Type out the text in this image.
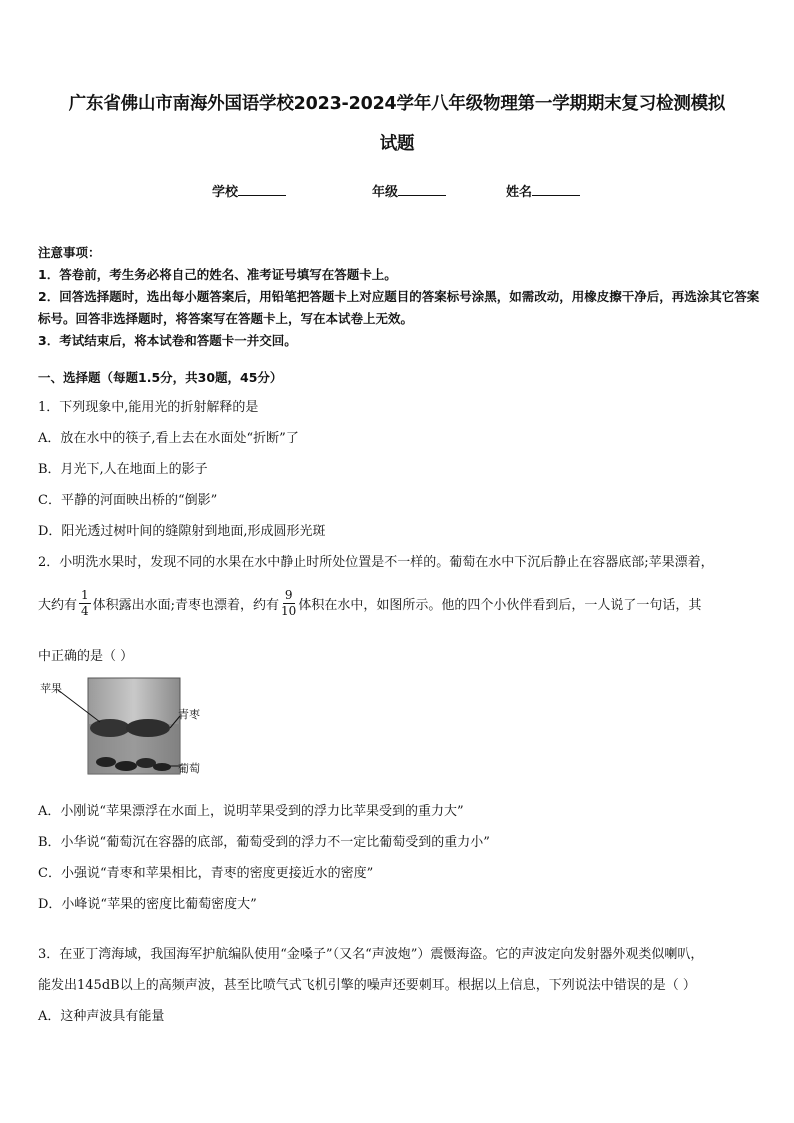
广东省佛山市南海外国语学校2023-2024学年八年级物理第一学期期末复习检测模拟
试题
学校	年级	姓名
注意事项：
1．答卷前，考生务必将自己的姓名、准考证号填写在答题卡上。
2．回答选择题时，选出每小题答案后，用铅笔把答题卡上对应题目的答案标号涂黑，如需改动，用橡皮擦干净后，再选涂其它答案标号。回答非选择题时，将答案写在答题卡上，写在本试卷上无效。
3．考试结束后，将本试卷和答题卡一并交回。
一、选择题（每题1.5分，共30题，45分）
1．下列现象中,能用光的折射解释的是
A．放在水中的筷子,看上去在水面处“折断”了
B．月光下,人在地面上的影子
C．平静的河面映出桥的“倒影”
D．阳光透过树叶间的缝隙射到地面,形成圆形光斑
2．小明洗水果时，发现不同的水果在水中静止时所处位置是不一样的。葡萄在水中下沉后静止在容器底部;苹果漂着，
大约有 $\frac{1}{4}$ 体积露出水面;青枣也漂着，约有 $\frac{9}{10}$ 体积在水中，如图所示。他的四个小伙伴看到后，一人说了一句话，其
中正确的是（ ）
苹果
青枣
葡萄
A．小刚说“苹果漂浮在水面上，说明苹果受到的浮力比苹果受到的重力大”
B．小华说“葡萄沉在容器的底部，葡萄受到的浮力不一定比葡萄受到的重力小”
C．小强说“青枣和苹果相比，青枣的密度更接近水的密度”
D．小峰说“苹果的密度比葡萄密度大”
3．在亚丁湾海域，我国海军护航编队使用“金嗓子”（又名“声波炮”）震慑海盗。它的声波定向发射器外观类似喇叭，
能发出145dB以上的高频声波，甚至比喷气式飞机引擎的噪声还要刺耳。根据以上信息，下列说法中错误的是（ ）
A．这种声波具有能量
